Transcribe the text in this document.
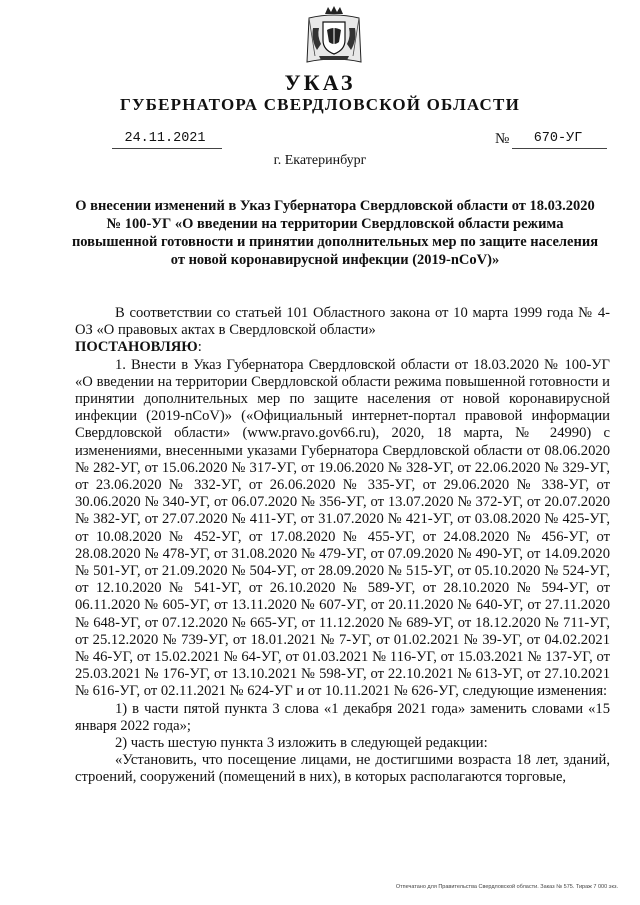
УКАЗ
ГУБЕРНАТОРА СВЕРДЛОВСКОЙ ОБЛАСТИ
24.11.2021	№	670-УГ
г. Екатеринбург
О внесении изменений в Указ Губернатора Свердловской области от 18.03.2020 № 100-УГ «О введении на территории Свердловской области режима повышенной готовности и принятии дополнительных мер по защите населения от новой коронавирусной инфекции (2019-nCoV)»

В соответствии со статьей 101 Областного закона от 10 марта 1999 года № 4-ОЗ «О правовых актах в Свердловской области»

ПОСТАНОВЛЯЮ:

1. Внести в Указ Губернатора Свердловской области от 18.03.2020 № 100-УГ «О введении на территории Свердловской области режима повышенной готовности и принятии дополнительных мер по защите населения от новой коронавирусной инфекции (2019-nCoV)» («Официальный интернет-портал правовой информации Свердловской области» (www.pravo.gov66.ru), 2020, 18 марта, № 24990) с изменениями, внесенными указами Губернатора Свердловской области от 08.06.2020 № 282-УГ, от 15.06.2020 № 317-УГ, от 19.06.2020 № 328-УГ, от 22.06.2020 № 329-УГ, от 23.06.2020 № 332-УГ, от 26.06.2020 № 335-УГ, от 29.06.2020 № 338-УГ, от 30.06.2020 № 340-УГ, от 06.07.2020 № 356-УГ, от 13.07.2020 № 372-УГ, от 20.07.2020 № 382-УГ, от 27.07.2020 № 411-УГ, от 31.07.2020 № 421-УГ, от 03.08.2020 № 425-УГ, от 10.08.2020 № 452-УГ, от 17.08.2020 № 455-УГ, от 24.08.2020 № 456-УГ, от 28.08.2020 № 478-УГ, от 31.08.2020 № 479-УГ, от 07.09.2020 № 490-УГ, от 14.09.2020 № 501-УГ, от 21.09.2020 № 504-УГ, от 28.09.2020 № 515-УГ, от 05.10.2020 № 524-УГ, от 12.10.2020 № 541-УГ, от 26.10.2020 № 589-УГ, от 28.10.2020 № 594-УГ, от 06.11.2020 № 605-УГ, от 13.11.2020 № 607-УГ, от 20.11.2020 № 640-УГ, от 27.11.2020 № 648-УГ, от 07.12.2020 № 665-УГ, от 11.12.2020 № 689-УГ, от 18.12.2020 № 711-УГ, от 25.12.2020 № 739-УГ, от 18.01.2021 № 7-УГ, от 01.02.2021 № 39-УГ, от 04.02.2021 № 46-УГ, от 15.02.2021 № 64-УГ, от 01.03.2021 № 116-УГ, от 15.03.2021 № 137-УГ, от 25.03.2021 № 176-УГ, от 13.10.2021 № 598-УГ, от 22.10.2021 № 613-УГ, от 27.10.2021 № 616-УГ, от 02.11.2021 № 624-УГ и от 10.11.2021 № 626-УГ, следующие изменения:

1) в части пятой пункта 3 слова «1 декабря 2021 года» заменить словами «15 января 2022 года»;

2) часть шестую пункта 3 изложить в следующей редакции:

«Установить, что посещение лицами, не достигшими возраста 18 лет, зданий, строений, сооружений (помещений в них), в которых располагаются торговые,

Отпечатано для Правительства Свердловской области. Заказ № 575. Тираж 7 000 экз.
